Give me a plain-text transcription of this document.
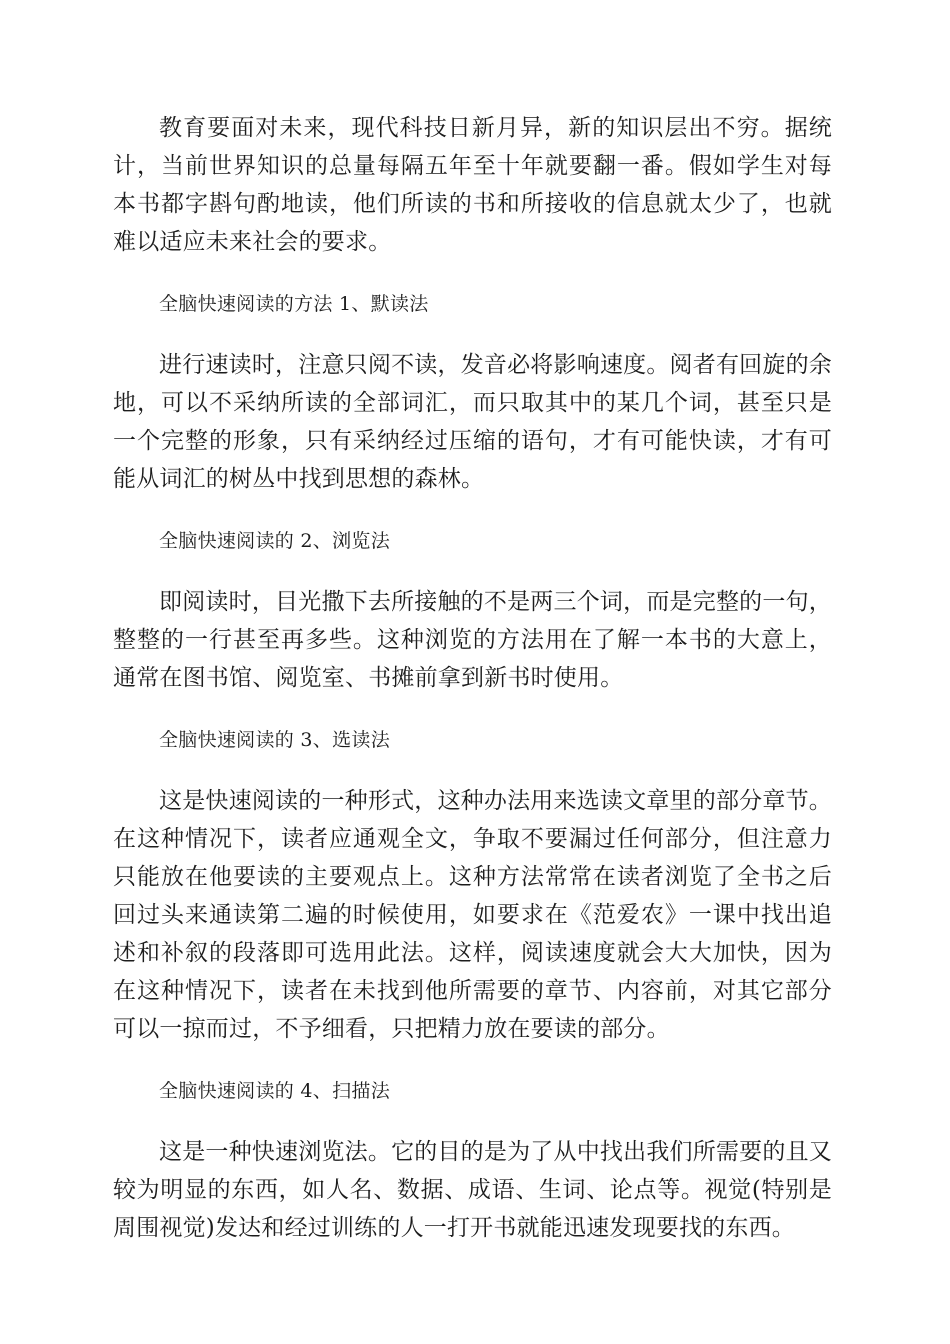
教育要面对未来，现代科技日新月异，新的知识层出不穷。据统计，当前世界知识的总量每隔五年至十年就要翻一番。假如学生对每本书都字斟句酌地读，他们所读的书和所接收的信息就太少了，也就难以适应未来社会的要求。

全脑快速阅读的方法 1、默读法

进行速读时，注意只阅不读，发音必将影响速度。阅者有回旋的余地，可以不采纳所读的全部词汇，而只取其中的某几个词，甚至只是一个完整的形象，只有采纳经过压缩的语句，才有可能快读，才有可能从词汇的树丛中找到思想的森林。

全脑快速阅读的 2、浏览法

即阅读时，目光撒下去所接触的不是两三个词，而是完整的一句，整整的一行甚至再多些。这种浏览的方法用在了解一本书的大意上，通常在图书馆、阅览室、书摊前拿到新书时使用。

全脑快速阅读的 3、选读法

这是快速阅读的一种形式，这种办法用来选读文章里的部分章节。在这种情况下，读者应通观全文，争取不要漏过任何部分，但注意力只能放在他要读的主要观点上。这种方法常常在读者浏览了全书之后回过头来通读第二遍的时候使用，如要求在《范爱农》一课中找出追述和补叙的段落即可选用此法。这样，阅读速度就会大大加快，因为在这种情况下，读者在未找到他所需要的章节、内容前，对其它部分可以一掠而过，不予细看，只把精力放在要读的部分。

全脑快速阅读的 4、扫描法

这是一种快速浏览法。它的目的是为了从中找出我们所需要的且又较为明显的东西，如人名、数据、成语、生词、论点等。视觉(特别是周围视觉)发达和经过训练的人一打开书就能迅速发现要找的东西。
